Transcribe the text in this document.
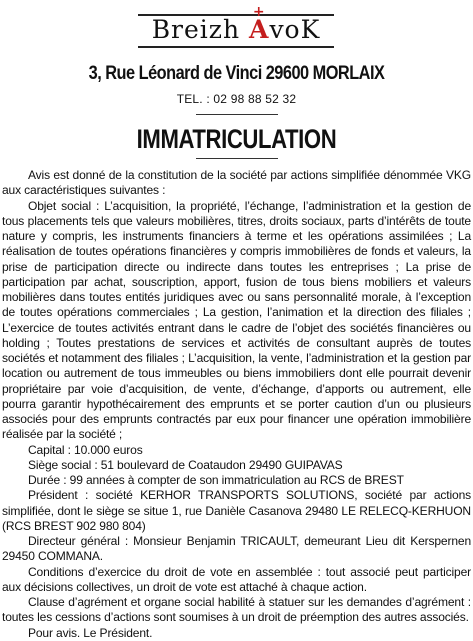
Breizh A +voK
3, Rue Léonard de Vinci 29600 MORLAIX
TEL. : 02 98 88 52 32
IMMATRICULATION

Avis est donné de la constitution de la société par actions simplifiée dénommée VKG aux caractéristiques suivantes :

Objet social : L’acquisition, la propriété, l’échange, l’administration et la gestion de tous placements tels que valeurs mobilières, titres, droits sociaux, parts d’intérêts de toute nature y compris, les instruments financiers à terme et les opérations assimilées ; La réalisation de toutes opérations financières y compris immobilières de fonds et valeurs, la prise de participation directe ou indirecte dans toutes les entreprises ; La prise de participation par achat, souscription, apport, fusion de tous biens mobiliers et valeurs mobilières dans toutes entités juridiques avec ou sans personnalité morale, à l’exception de toutes opérations commerciales ; La gestion, l’animation et la direction des filiales ; L’exercice de toutes activités entrant dans le cadre de l’objet des sociétés financières ou holding ; Toutes prestations de services et activités de consultant auprès de toutes sociétés et notamment des filiales ; L’acquisition, la vente, l’administration et la gestion par location ou autrement de tous immeubles ou biens immobiliers dont elle pourrait devenir propriétaire par voie d’acquisition, de vente, d’échange, d’apports ou autrement, elle pourra garantir hypothécairement des emprunts et se porter caution d’un ou plusieurs associés pour des emprunts contractés par eux pour financer une opération immobilière réalisée par la société ;

Capital : 10.000 euros

Siège social : 51 boulevard de Coataudon 29490 GUIPAVAS

Durée : 99 années à compter de son immatriculation au RCS de BREST

Président : société KERHOR TRANSPORTS SOLUTIONS, société par actions simplifiée, dont le siège se situe 1, rue Danièle Casanova 29480 LE RELECQ-KERHUON (RCS BREST 902 980 804)

Directeur général : Monsieur Benjamin TRICAULT, demeurant Lieu dit Kerspernen 29450 COMMANA.

Conditions d’exercice du droit de vote en assemblée : tout associé peut participer aux décisions collectives, un droit de vote est attaché à chaque action.

Clause d’agrément et organe social habilité à statuer sur les demandes d’agrément : toutes les cessions d’actions sont soumises à un droit de préemption des autres associés.

Pour avis. Le Président.
